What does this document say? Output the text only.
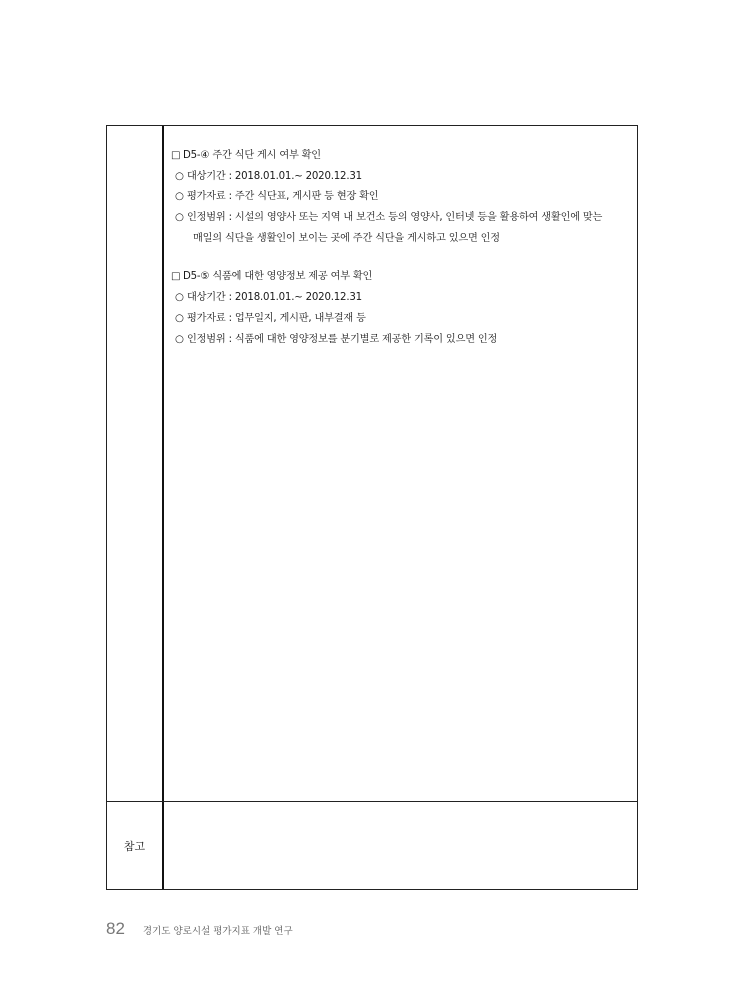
□ D5-④ 주간 식단 게시 여부 확인
○ 대상기간 : 2018.01.01.~ 2020.12.31
○ 평가자료 : 주간 식단표, 게시판 등 현장 확인
○ 인정범위 : 시설의 영양사 또는 지역 내 보건소 등의 영양사, 인터넷 등을 활용하여 생활인에 맞는
매일의 식단을 생활인이 보이는 곳에 주간 식단을 게시하고 있으면 인정
□ D5-⑤ 식품에 대한 영양정보 제공 여부 확인
○ 대상기간 : 2018.01.01.~ 2020.12.31
○ 평가자료 : 업무일지, 게시판, 내부결재 등
○ 인정범위 : 식품에 대한 영양정보를 분기별로 제공한 기록이 있으면 인정
참고
82 경기도 양로시설 평가지표 개발 연구
